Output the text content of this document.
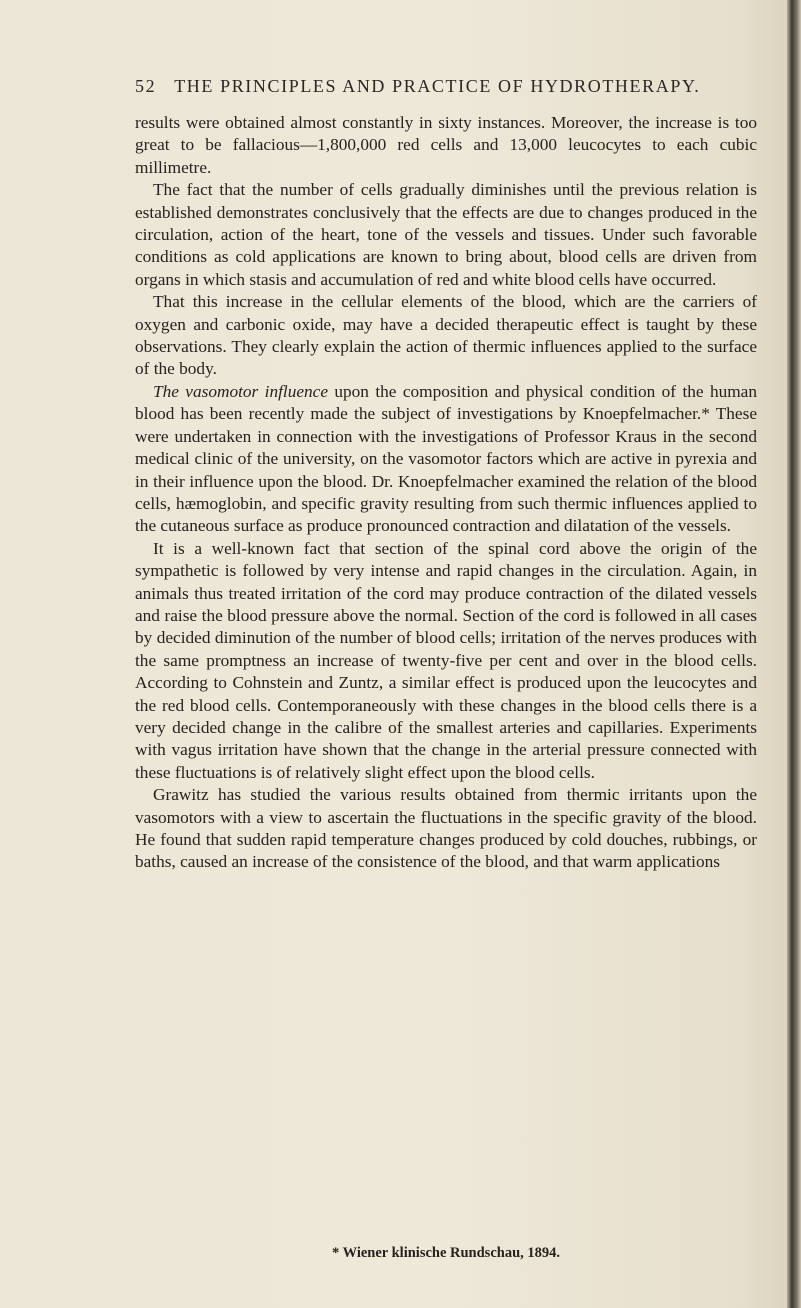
52 THE PRINCIPLES AND PRACTICE OF HYDROTHERAPY.

results were obtained almost constantly in sixty instances. Moreover, the increase is too great to be fallacious—1,800,000 red cells and 13,000 leucocytes to each cubic millimetre.

The fact that the number of cells gradually diminishes until the previous relation is established demonstrates conclusively that the effects are due to changes produced in the circulation, action of the heart, tone of the vessels and tissues. Under such favorable conditions as cold applications are known to bring about, blood cells are driven from organs in which stasis and accumulation of red and white blood cells have occurred.

That this increase in the cellular elements of the blood, which are the carriers of oxygen and carbonic oxide, may have a decided therapeutic effect is taught by these observations. They clearly explain the action of thermic influences applied to the surface of the body.

The vasomotor influence upon the composition and physical condition of the human blood has been recently made the subject of investigations by Knoepfelmacher.* These were undertaken in connection with the investigations of Professor Kraus in the second medical clinic of the university, on the vasomotor factors which are active in pyrexia and in their influence upon the blood. Dr. Knoepfelmacher examined the relation of the blood cells, hæmoglobin, and specific gravity resulting from such thermic influences applied to the cutaneous surface as produce pronounced contraction and dilatation of the vessels.

It is a well-known fact that section of the spinal cord above the origin of the sympathetic is followed by very intense and rapid changes in the circulation. Again, in animals thus treated irritation of the cord may produce contraction of the dilated vessels and raise the blood pressure above the normal. Section of the cord is followed in all cases by decided diminution of the number of blood cells; irritation of the nerves produces with the same promptness an increase of twenty-five per cent and over in the blood cells. According to Cohnstein and Zuntz, a similar effect is produced upon the leucocytes and the red blood cells. Contemporaneously with these changes in the blood cells there is a very decided change in the calibre of the smallest arteries and capillaries. Experiments with vagus irritation have shown that the change in the arterial pressure connected with these fluctuations is of relatively slight effect upon the blood cells.

Grawitz has studied the various results obtained from thermic irritants upon the vasomotors with a view to ascertain the fluctuations in the specific gravity of the blood. He found that sudden rapid temperature changes produced by cold douches, rubbings, or baths, caused an increase of the consistence of the blood, and that warm applications

* Wiener klinische Rundschau, 1894.
